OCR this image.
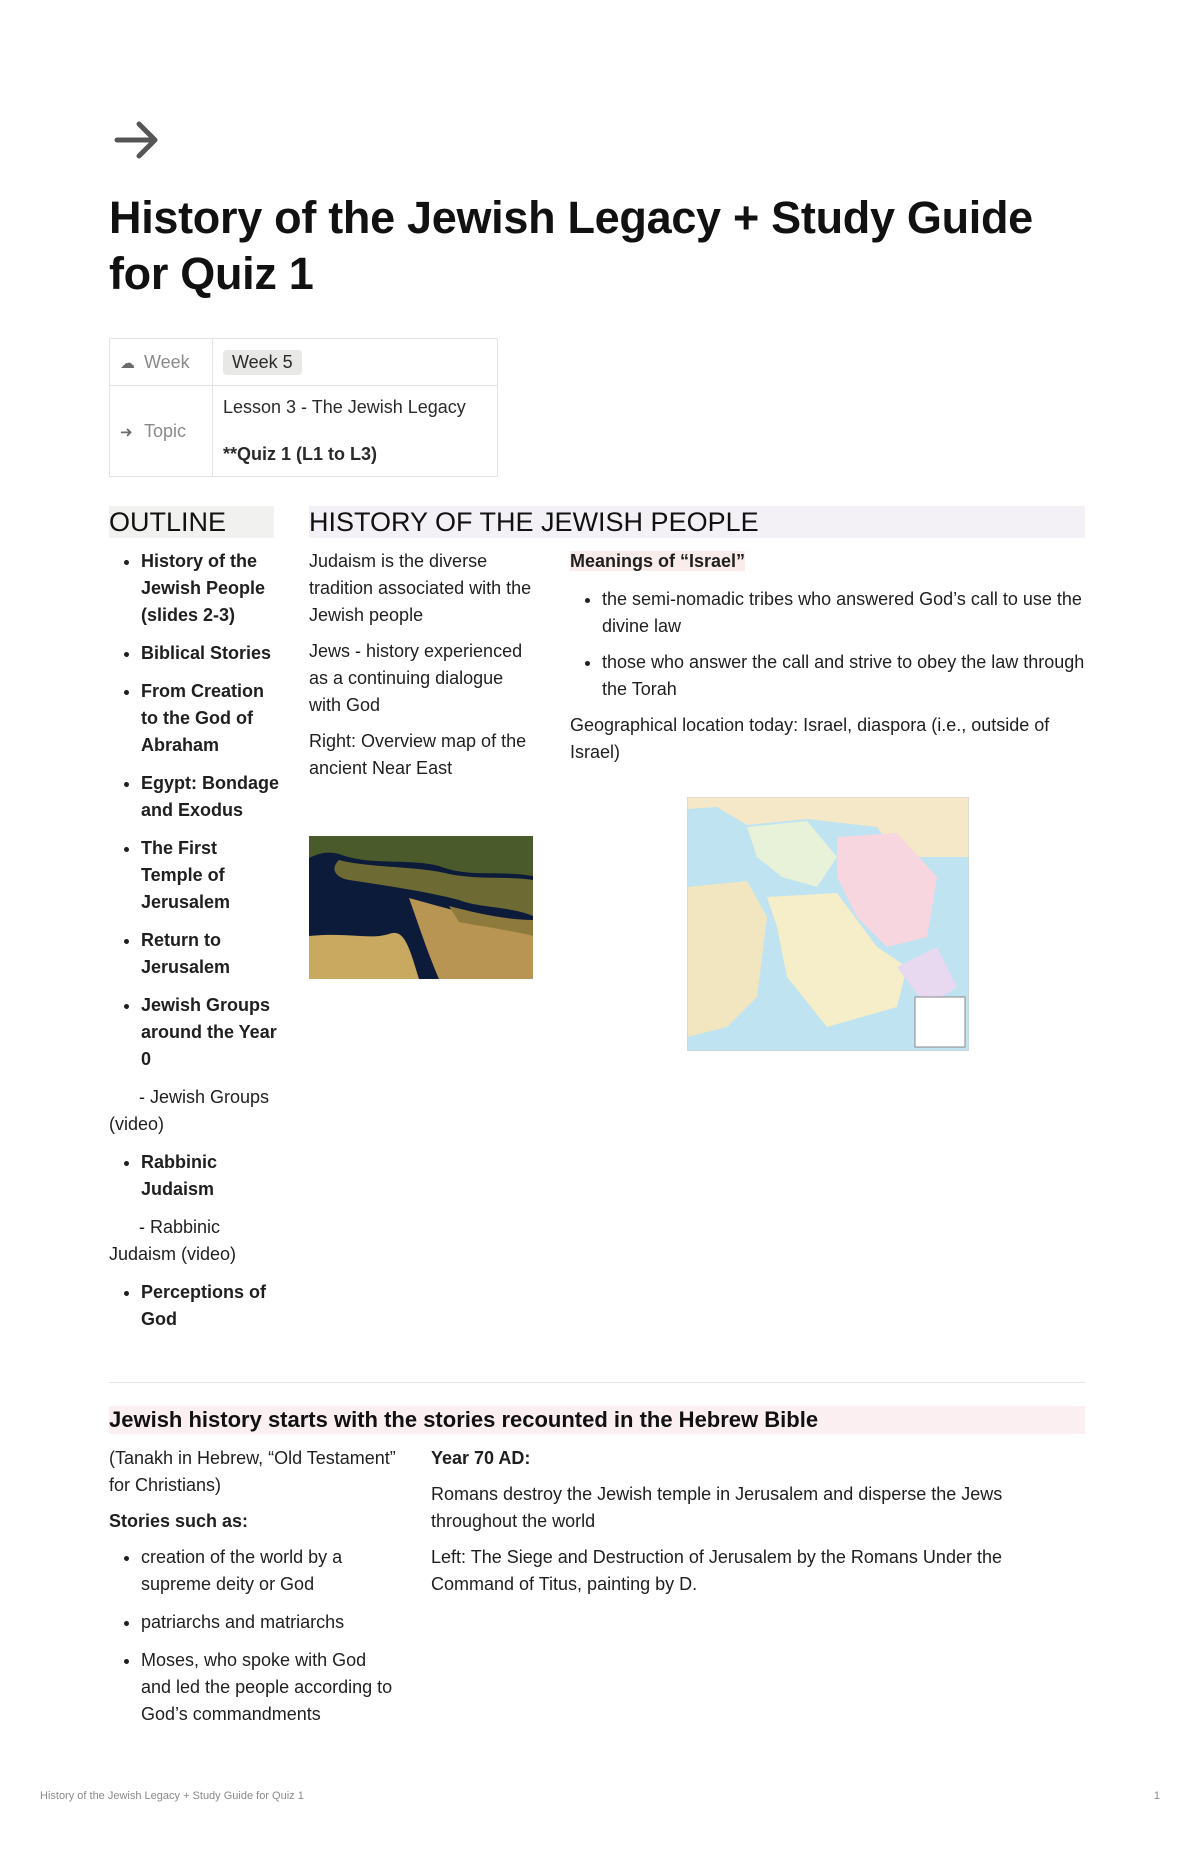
History of the Jewish Legacy + Study Guide for Quiz 1
☁ Week	Week 5
➜ Topic	Lesson 3 - The Jewish Legacy
**Quiz 1 (L1 to L3)
OUTLINE
• History of the Jewish People (slides 2-3)
• Biblical Stories
• From Creation to the God of Abraham
• Egypt: Bondage and Exodus
• The First Temple of Jerusalem
• Return to Jerusalem
• Jewish Groups around the Year 0

- Jewish Groups (video)

• Rabbinic Judaism

- Rabbinic Judaism (video)

• Perceptions of God
HISTORY OF THE JEWISH PEOPLE

Judaism is the diverse tradition associated with the Jewish people

Jews - history experienced as a continuing dialogue with God

Right: Overview map of the ancient Near East

Meanings of “Israel”
• the semi-nomadic tribes who answered God’s call to use the divine law
• those who answer the call and strive to obey the law through the Torah

Geographical location today: Israel, diaspora (i.e., outside of Israel)

Jewish history starts with the stories recounted in the Hebrew Bible

(Tanakh in Hebrew, “Old Testament” for Christians)

Stories such as:

• creation of the world by a supreme deity or God
• patriarchs and matriarchs
• Moses, who spoke with God and led the people according to God’s commandments

Year 70 AD:

Romans destroy the Jewish temple in Jerusalem and disperse the Jews throughout the world

Left: The Siege and Destruction of Jerusalem by the Romans Under the Command of Titus, painting by D.

History of the Jewish Legacy + Study Guide for Quiz 1	1
